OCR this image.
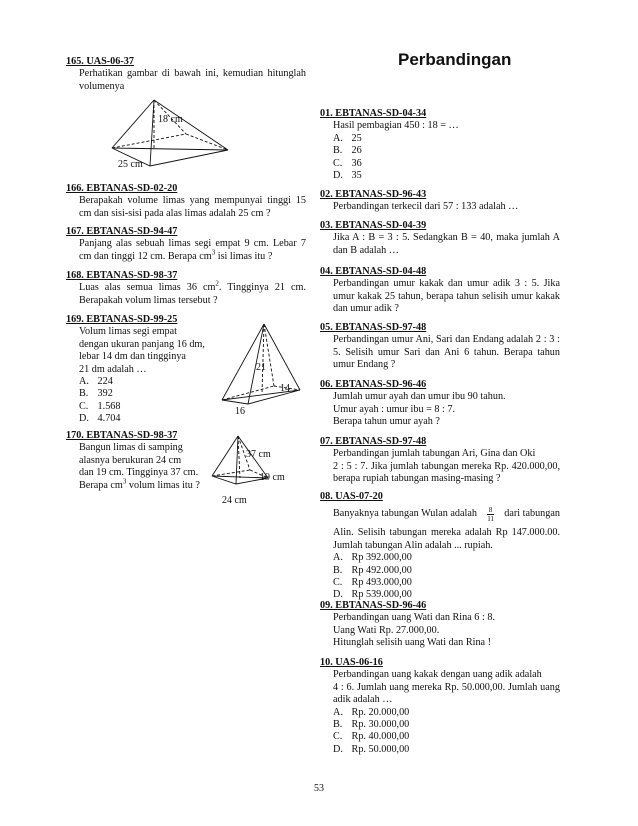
Perbandingan
165. UAS-06-37

Perhatikan gambar di bawah ini, kemudian hitunglah volumenya

18 cm
25 cm
166. EBTANAS-SD-02-20

Berapakah volume limas yang mempunyai tinggi 15 cm dan sisi-sisi pada alas limas adalah 25 cm ?

167. EBTANAS-SD-94-47

Panjang alas sebuah limas segi empat 9 cm. Lebar 7 cm dan tinggi 12 cm. Berapa $cm^3$ isi limas itu ?

168. EBTANAS-SD-98-37

Luas alas semua limas 36 $cm^2$. Tingginya 21 cm. Berapakah volum limas tersebut ?

169. EBTANAS-SD-99-25
Volum limas segi empat
dengan ukuran panjang 16 dm,
lebar 14 dm dan tingginya
21 dm adalah …
A. 224
B. 392
C. 1.568
D. 4.704
21
14
16
170. EBTANAS-SD-98-37
Bangun limas di samping
alasnya berukuran 24 cm
dan 19 cm. Tingginya 37 cm.
Berapa $cm^3$ volum limas itu ?
37 cm
19 cm
24 cm
01. EBTANAS-SD-04-34
Hasil pembagian 450 : 18 = …
A. 25
B. 26
C. 36
D. 35
02. EBTANAS-SD-96-43

Perbandingan terkecil dari 57 : 133 adalah …

03. EBTANAS-SD-04-39

Jika A : B = 3 : 5. Sedangkan B = 40, maka jumlah A dan B adalah …

04. EBTANAS-SD-04-48

Perbandingan umur kakak dan umur adik 3 : 5. Jika umur kakak 25 tahun, berapa tahun selisih umur kakak dan umur adik ?

05. EBTANAS-SD-97-48

Perbandingan umur Ani, Sari dan Endang adalah 2 : 3 : 5. Selisih umur Sari dan Ani 6 tahun. Berapa tahun umur Endang ?

06. EBTANAS-SD-96-46
Jumlah umur ayah dan umur ibu 90 tahun.
Umur ayah : umur ibu = 8 : 7.
Berapa tahun umur ayah ?
07. EBTANAS-SD-97-48
Perbandingan jumlah tabungan Ari, Gina dan Oki

2 : 5 : 7. Jika jumlah tabungan mereka Rp. 420.000,00, berapa rupiah tabungan masing-masing ?

08. UAS-07-20
Banyaknya tabungan Wulan adalah $\frac{8}{11}$ dari tabungan

Alin. Selisih tabungan mereka adalah Rp 147.000.00. Jumlah tabungan Alin adalah ... rupiah.

A. Rp 392.000,00
B. Rp 492.000,00
C. Rp 493.000,00
D. Rp 539.000,00
09. EBTANAS-SD-96-46
Perbandingan uang Wati dan Rina 6 : 8.
Uang Wati Rp. 27.000,00.
Hitunglah selisih uang Wati dan Rina !
10. UAS-06-16
Perbandingan uang kakak dengan uang adik adalah

4 : 6. Jumlah uang mereka Rp. 50.000,00. Jumlah uang adik adalah …

A. Rp. 20.000,00
B. Rp. 30.000,00
C. Rp. 40.000,00
D. Rp. 50.000,00
53
